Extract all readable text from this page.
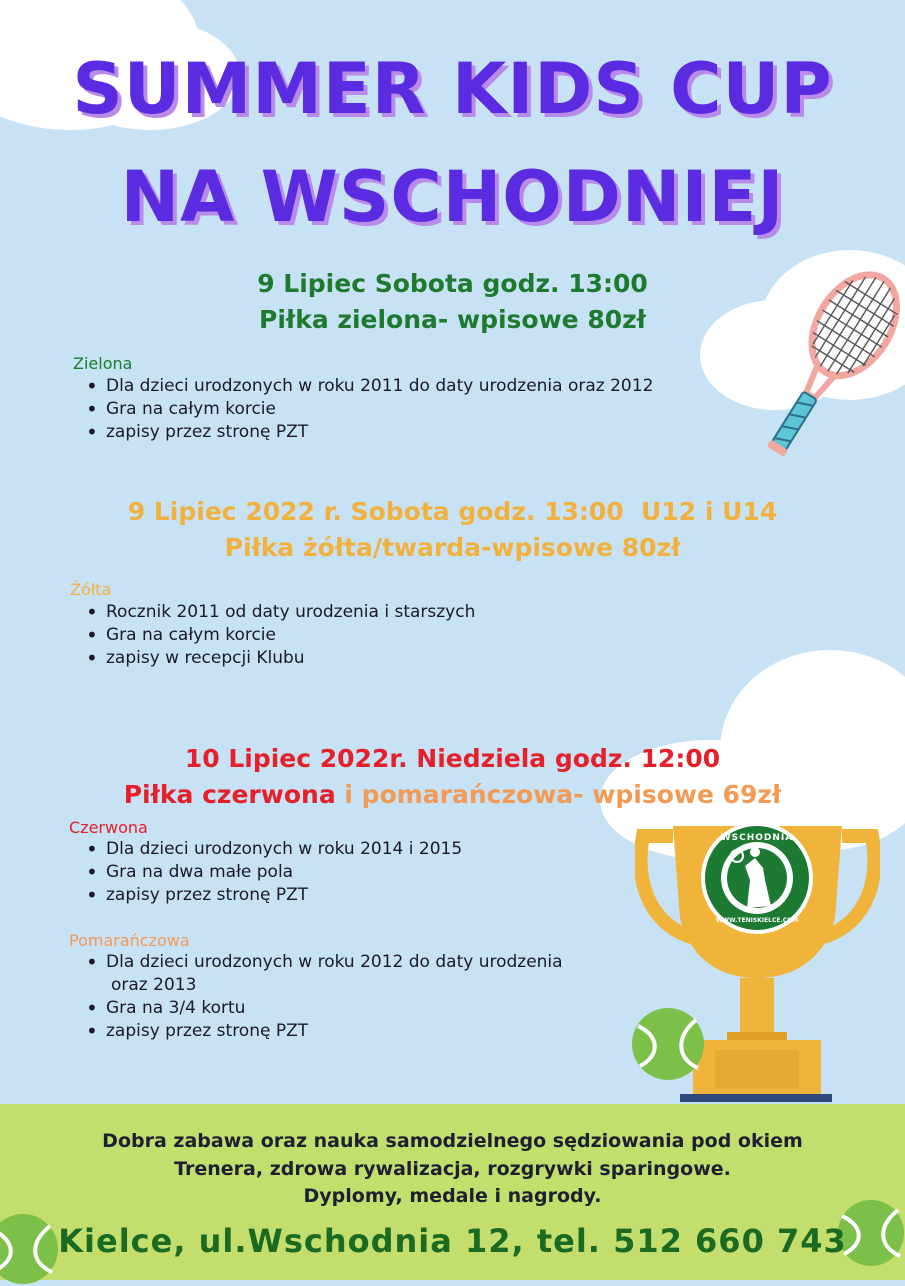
SUMMER KIDS CUP
NA WSCHODNIEJ
9 Lipiec Sobota godz. 13:00
Piłka zielona- wpisowe 80zł
Zielona
• Dla dzieci urodzonych w roku 2011 do daty urodzenia oraz 2012
• Gra na całym korcie
• zapisy przez stronę PZT
9 Lipiec 2022 r. Sobota godz. 13:00  U12 i U14
Piłka żółta/twarda-wpisowe 80zł
Żółta
• Rocznik 2011 od daty urodzenia i starszych
• Gra na całym korcie
• zapisy w recepcji Klubu
10 Lipiec 2022r. Niedziela godz. 12:00
Piłka czerwona i pomarańczowa- wpisowe 69zł
Czerwona
• Dla dzieci urodzonych w roku 2014 i 2015
• Gra na dwa małe pola
• zapisy przez stronę PZT
Pomarańczowa
• Dla dzieci urodzonych w roku 2012 do daty urodzenia
oraz 2013
• Gra na 3/4 kortu
• zapisy przez stronę PZT
WSCHODNIA
WWW.TENISKIELCE.COM
Dobra zabawa oraz nauka samodzielnego sędziowania pod okiem
Trenera, zdrowa rywalizacja, rozgrywki sparingowe.
Dyplomy, medale i nagrody.
Kielce, ul.Wschodnia 12, tel. 512 660 743
